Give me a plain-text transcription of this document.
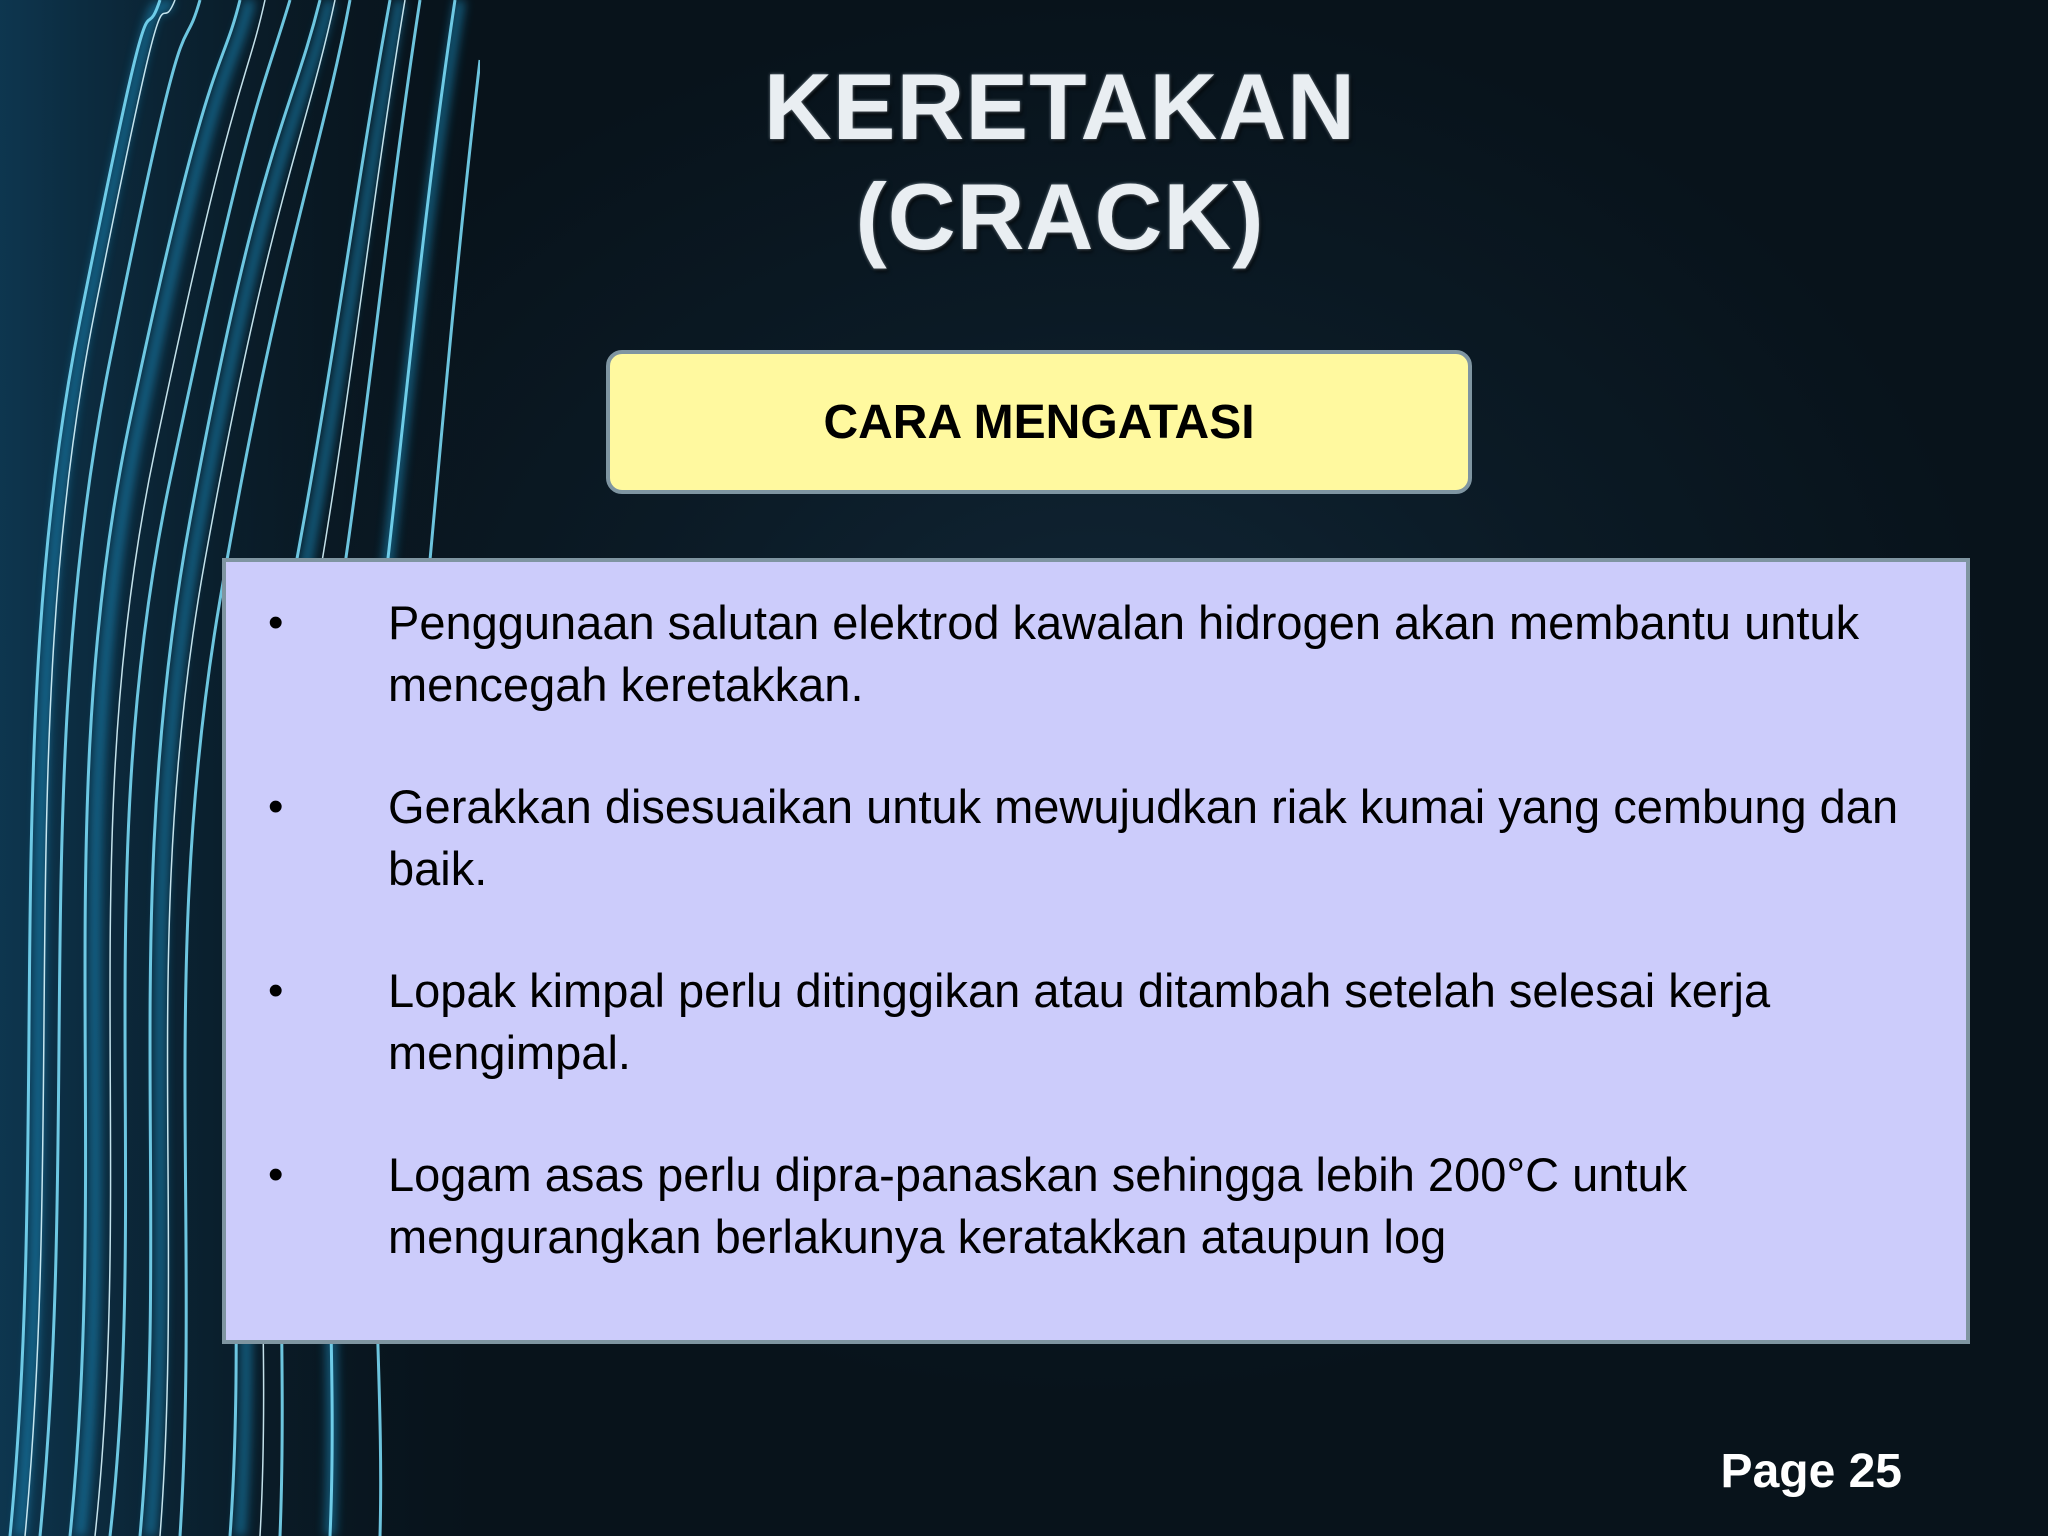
KERETAKAN
(CRACK)
CARA MENGATASI
• Penggunaan salutan elektrod kawalan hidrogen akan membantu untuk mencegah keretakkan.
• Gerakkan disesuaikan untuk mewujudkan riak kumai yang cembung dan baik.
• Lopak kimpal perlu ditinggikan atau ditambah setelah selesai kerja mengimpal.
• Logam asas perlu dipra-panaskan sehingga lebih 200°C untuk mengurangkan berlakunya keratakkan ataupun log
Page 25
